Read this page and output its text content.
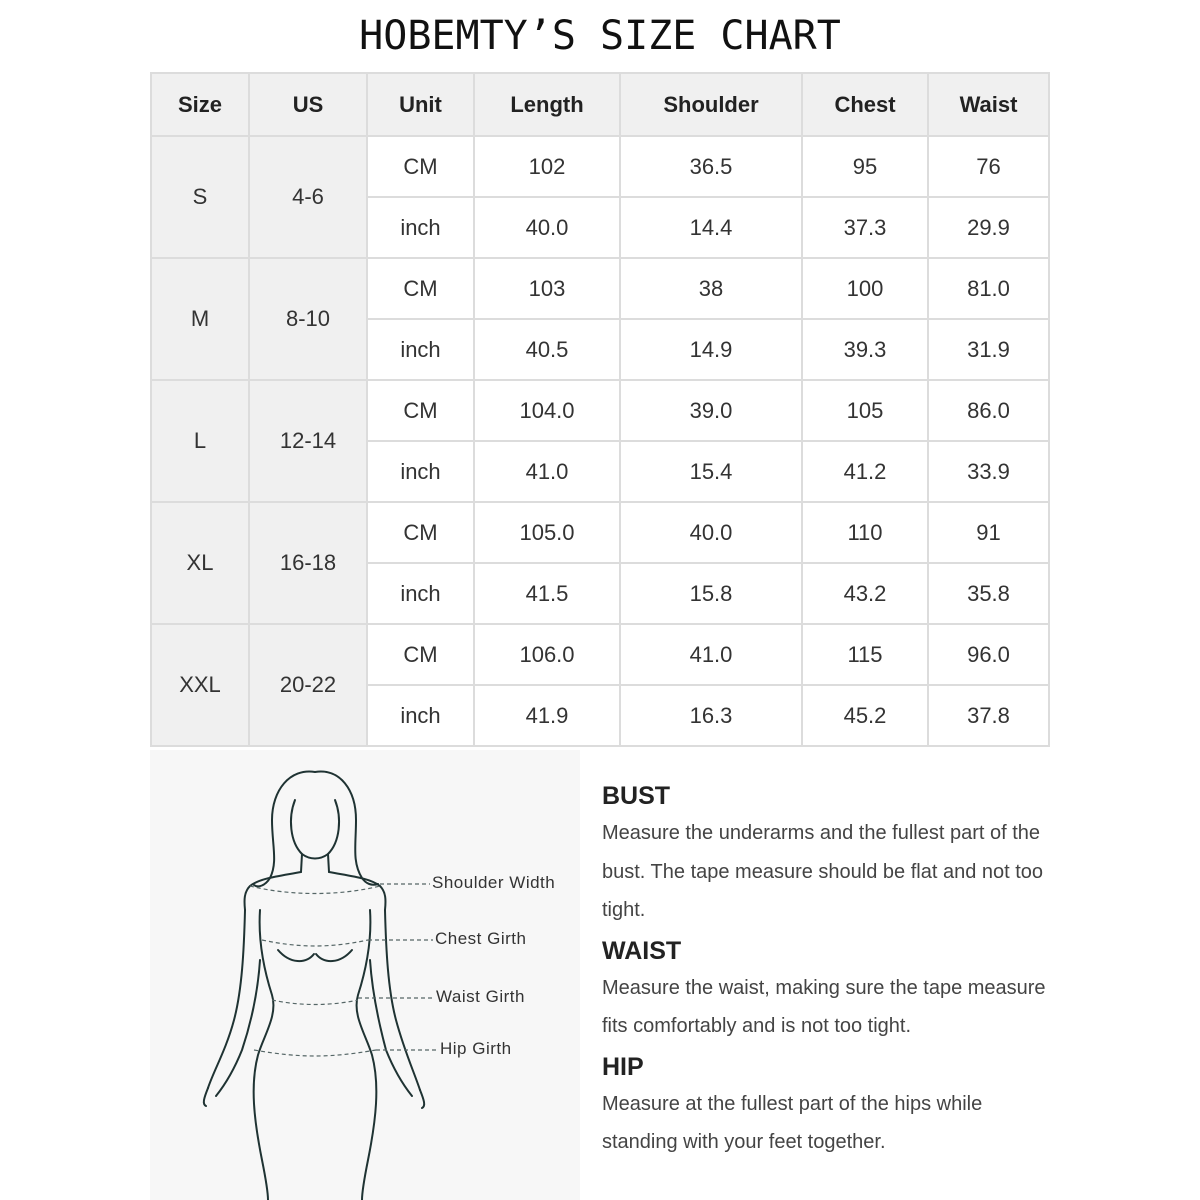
HOBEMTY’S SIZE CHART
Size	US	Unit	Length	Shoulder	Chest	Waist
S	4-6	CM	102	36.5	95	76
		inch	40.0	14.4	37.3	29.9
M	8-10	CM	103	38	100	81.0
		inch	40.5	14.9	39.3	31.9
L	12-14	CM	104.0	39.0	105	86.0
		inch	41.0	15.4	41.2	33.9
XL	16-18	CM	105.0	40.0	110	91
		inch	41.5	15.8	43.2	35.8
XXL	20-22	CM	106.0	41.0	115	96.0
		inch	41.9	16.3	45.2	37.8
Shoulder Width
Chest Girth
Waist Girth
Hip Girth
BUST

Measure the underarms and the fullest part of the bust. The tape measure should be flat and not too tight.

WAIST

Measure the waist, making sure the tape measure fits comfortably and is not too tight.

HIP

Measure at the fullest part of the hips while standing with your feet together.
